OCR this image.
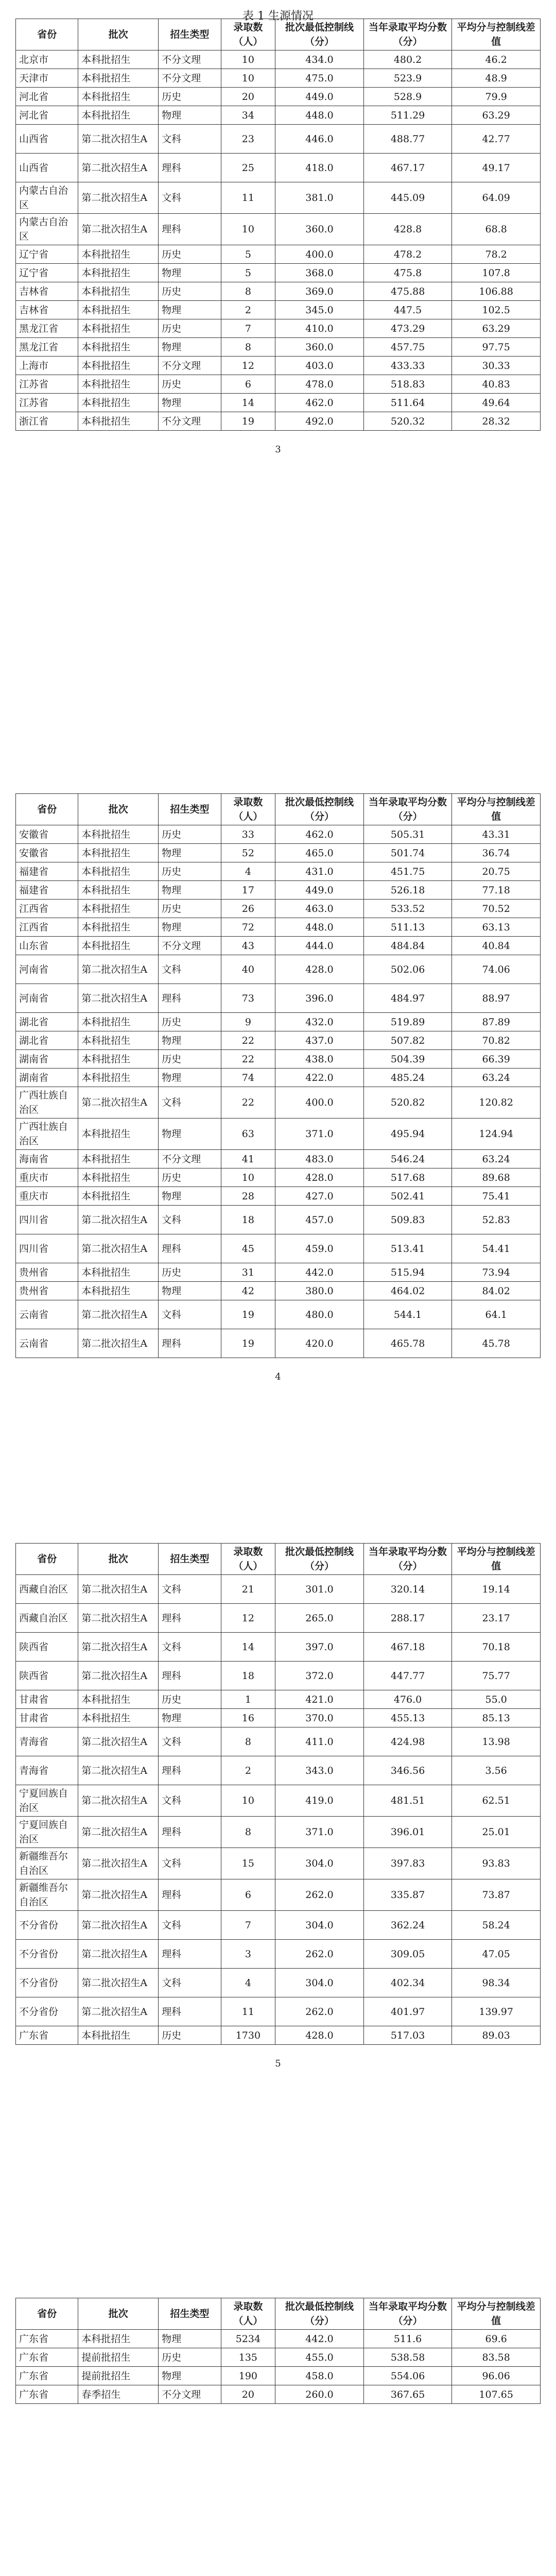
表 1 生源情况
省份	批次	招生类型	录取数（人）	批次最低控制线（分）	当年录取平均分数（分）	平均分与控制线差值
北京市	本科批招生	不分文理	10	434.0	480.2	46.2
天津市	本科批招生	不分文理	10	475.0	523.9	48.9
河北省	本科批招生	历史	20	449.0	528.9	79.9
河北省	本科批招生	物理	34	448.0	511.29	63.29
山西省	第二批次招生A	文科	23	446.0	488.77	42.77
山西省	第二批次招生A	理科	25	418.0	467.17	49.17
内蒙古自治区	第二批次招生A	文科	11	381.0	445.09	64.09
内蒙古自治区	第二批次招生A	理科	10	360.0	428.8	68.8
辽宁省	本科批招生	历史	5	400.0	478.2	78.2
辽宁省	本科批招生	物理	5	368.0	475.8	107.8
吉林省	本科批招生	历史	8	369.0	475.88	106.88
吉林省	本科批招生	物理	2	345.0	447.5	102.5
黑龙江省	本科批招生	历史	7	410.0	473.29	63.29
黑龙江省	本科批招生	物理	8	360.0	457.75	97.75
上海市	本科批招生	不分文理	12	403.0	433.33	30.33
江苏省	本科批招生	历史	6	478.0	518.83	40.83
江苏省	本科批招生	物理	14	462.0	511.64	49.64
浙江省	本科批招生	不分文理	19	492.0	520.32	28.32
3
省份	批次	招生类型	录取数（人）	批次最低控制线（分）	当年录取平均分数（分）	平均分与控制线差值
安徽省	本科批招生	历史	33	462.0	505.31	43.31
安徽省	本科批招生	物理	52	465.0	501.74	36.74
福建省	本科批招生	历史	4	431.0	451.75	20.75
福建省	本科批招生	物理	17	449.0	526.18	77.18
江西省	本科批招生	历史	26	463.0	533.52	70.52
江西省	本科批招生	物理	72	448.0	511.13	63.13
山东省	本科批招生	不分文理	43	444.0	484.84	40.84
河南省	第二批次招生A	文科	40	428.0	502.06	74.06
河南省	第二批次招生A	理科	73	396.0	484.97	88.97
湖北省	本科批招生	历史	9	432.0	519.89	87.89
湖北省	本科批招生	物理	22	437.0	507.82	70.82
湖南省	本科批招生	历史	22	438.0	504.39	66.39
湖南省	本科批招生	物理	74	422.0	485.24	63.24
广西壮族自治区	第二批次招生A	文科	22	400.0	520.82	120.82
广西壮族自治区	本科批招生	物理	63	371.0	495.94	124.94
海南省	本科批招生	不分文理	41	483.0	546.24	63.24
重庆市	本科批招生	历史	10	428.0	517.68	89.68
重庆市	本科批招生	物理	28	427.0	502.41	75.41
四川省	第二批次招生A	文科	18	457.0	509.83	52.83
四川省	第二批次招生A	理科	45	459.0	513.41	54.41
贵州省	本科批招生	历史	31	442.0	515.94	73.94
贵州省	本科批招生	物理	42	380.0	464.02	84.02
云南省	第二批次招生A	文科	19	480.0	544.1	64.1
云南省	第二批次招生A	理科	19	420.0	465.78	45.78
4
省份	批次	招生类型	录取数（人）	批次最低控制线（分）	当年录取平均分数（分）	平均分与控制线差值
西藏自治区	第二批次招生A	文科	21	301.0	320.14	19.14
西藏自治区	第二批次招生A	理科	12	265.0	288.17	23.17
陕西省	第二批次招生A	文科	14	397.0	467.18	70.18
陕西省	第二批次招生A	理科	18	372.0	447.77	75.77
甘肃省	本科批招生	历史	1	421.0	476.0	55.0
甘肃省	本科批招生	物理	16	370.0	455.13	85.13
青海省	第二批次招生A	文科	8	411.0	424.98	13.98
青海省	第二批次招生A	理科	2	343.0	346.56	3.56
宁夏回族自治区	第二批次招生A	文科	10	419.0	481.51	62.51
宁夏回族自治区	第二批次招生A	理科	8	371.0	396.01	25.01
新疆维吾尔自治区	第二批次招生A	文科	15	304.0	397.83	93.83
新疆维吾尔自治区	第二批次招生A	理科	6	262.0	335.87	73.87
不分省份	第二批次招生A	文科	7	304.0	362.24	58.24
不分省份	第二批次招生A	理科	3	262.0	309.05	47.05
不分省份	第二批次招生A	文科	4	304.0	402.34	98.34
不分省份	第二批次招生A	理科	11	262.0	401.97	139.97
广东省	本科批招生	历史	1730	428.0	517.03	89.03
5
省份	批次	招生类型	录取数（人）	批次最低控制线（分）	当年录取平均分数（分）	平均分与控制线差值
广东省	本科批招生	物理	5234	442.0	511.6	69.6
广东省	提前批招生	历史	135	455.0	538.58	83.58
广东省	提前批招生	物理	190	458.0	554.06	96.06
广东省	春季招生	不分文理	20	260.0	367.65	107.65
